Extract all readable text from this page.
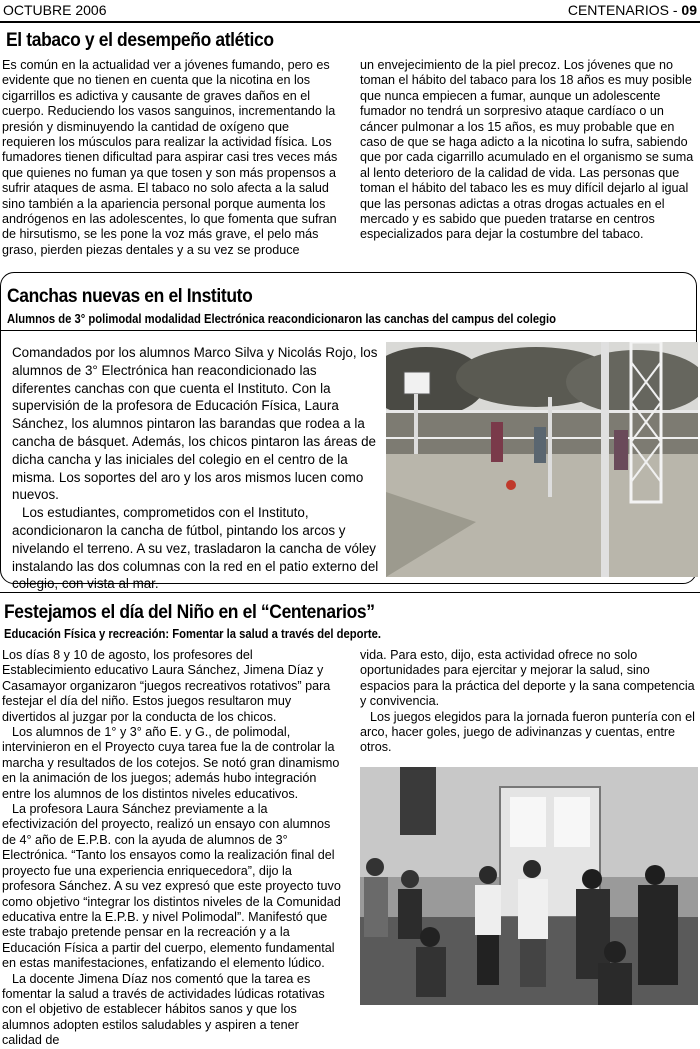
OCTUBRE 2006	CENTENARIOS - 09
El tabaco y el desempeño atlético

Es común en la actualidad ver a jóvenes fumando, pero es evidente que no tienen en cuenta que la nicotina en los cigarrillos es adictiva y causante de graves daños en el cuerpo. Reduciendo los vasos sanguinos, incrementando la presión y disminuyendo la cantidad de oxígeno que requieren los músculos para realizar la actividad física. Los fumadores tienen dificultad para aspirar casi tres veces más que quienes no fuman ya que tosen y son más propensos a sufrir ataques de asma. El tabaco no solo afecta a la salud sino también a la apariencia personal porque aumenta los andrógenos en las adolescentes, lo que fomenta que sufran de hirsutismo, se les pone la voz más grave, el pelo más graso, pierden piezas dentales y a su vez se produce

un envejecimiento de la piel precoz. Los jóvenes que no toman el hábito del tabaco para los 18 años es muy posible que nunca empiecen a fumar, aunque un adolescente fumador no tendrá un sorpresivo ataque cardíaco o un cáncer pulmonar a los 15 años, es muy probable que en caso de que se haga adicto a la nicotina lo sufra, sabiendo que por cada cigarrillo acumulado en el organismo se suma al lento deterioro de la calidad de vida. Las personas que toman el hábito del tabaco les es muy difícil dejarlo al igual que las personas adictas a otras drogas actuales en el mercado y es sabido que pueden tratarse en centros especializados para dejar la costumbre del tabaco.

Canchas nuevas en el Instituto
Alumnos de 3° polimodal modalidad Electrónica reacondicionaron las canchas del campus del colegio

Comandados por los alumnos Marco Silva y Nicolás Rojo, los alumnos de 3° Electrónica han reacondicionado las diferentes canchas con que cuenta el Instituto. Con la supervisión de la profesora de Educación Física, Laura Sánchez, los alumnos pintaron las barandas que rodea a la cancha de básquet. Además, los chicos pintaron las áreas de dicha cancha y las iniciales del colegio en el centro de la misma. Los soportes del aro y los aros mismos lucen como nuevos.

Los estudiantes, comprometidos con el Instituto, acondicionaron la cancha de fútbol, pintando los arcos y nivelando el terreno. A su vez, trasladaron la cancha de vóley instalando las dos columnas con la red en el patio externo del colegio, con vista al mar.

Festejamos el día del Niño en el “Centenarios”
Educación Física y recreación: Fomentar la salud a través del deporte.

Los días 8 y 10 de agosto, los profesores del Establecimiento educativo Laura Sánchez, Jimena Díaz y Casamayor organizaron “juegos recreativos rotativos” para festejar el día del niño. Estos juegos resultaron muy divertidos al juzgar por la conducta de los chicos.

Los alumnos de 1° y 3° año E. y G., de polimodal, intervinieron en el Proyecto cuya tarea fue la de controlar la marcha y resultados de los cotejos. Se notó gran dinamismo en la animación de los juegos; además hubo integración entre los alumnos de los distintos niveles educativos.

La profesora Laura Sánchez previamente a la efectivización del proyecto, realizó un ensayo con alumnos de 4° año de E.P.B. con la ayuda de alumnos de 3° Electrónica. “Tanto los ensayos como la realización final del proyecto fue una experiencia enriquecedora”, dijo la profesora Sánchez. A su vez expresó que este proyecto tuvo como objetivo “integrar los distintos niveles de la Comunidad educativa entre la E.P.B. y nivel Polimodal”. Manifestó que este trabajo pretende pensar en la recreación y a la Educación Física a partir del cuerpo, elemento fundamental en estas manifestaciones, enfatizando el elemento lúdico.

La docente Jimena Díaz nos comentó que la tarea es fomentar la salud a través de actividades lúdicas rotativas con el objetivo de establecer hábitos sanos y que los alumnos adopten estilos saludables y aspiren a tener calidad de

vida. Para esto, dijo, esta actividad ofrece no solo oportunidades para ejercitar y mejorar la salud, sino espacios para la práctica del deporte y la sana competencia y convivencia.

Los juegos elegidos para la jornada fueron puntería con el arco, hacer goles, juego de adivinanzas y cuentas, entre otros.
